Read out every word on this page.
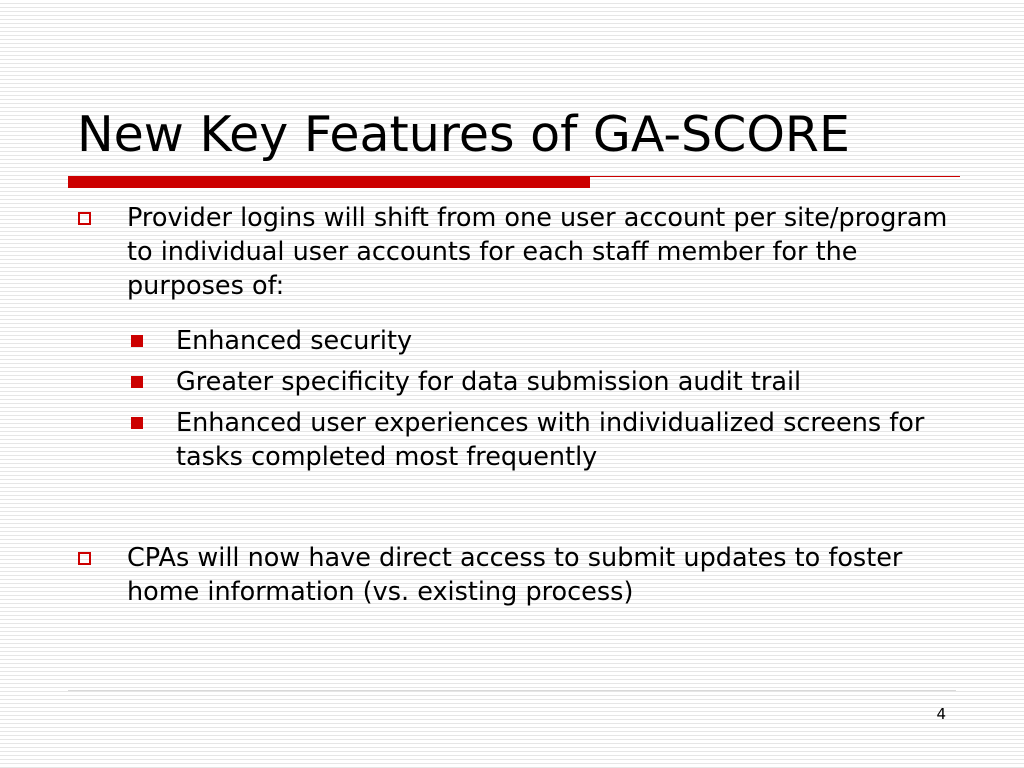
New Key Features of GA-SCORE
Provider logins will shift from one user account per site/program to individual user accounts for each staff member for the purposes of:
Enhanced security
Greater specificity for data submission audit trail
Enhanced user experiences with individualized screens for tasks completed most frequently
CPAs will now have direct access to submit updates to foster home information (vs. existing process)
4
